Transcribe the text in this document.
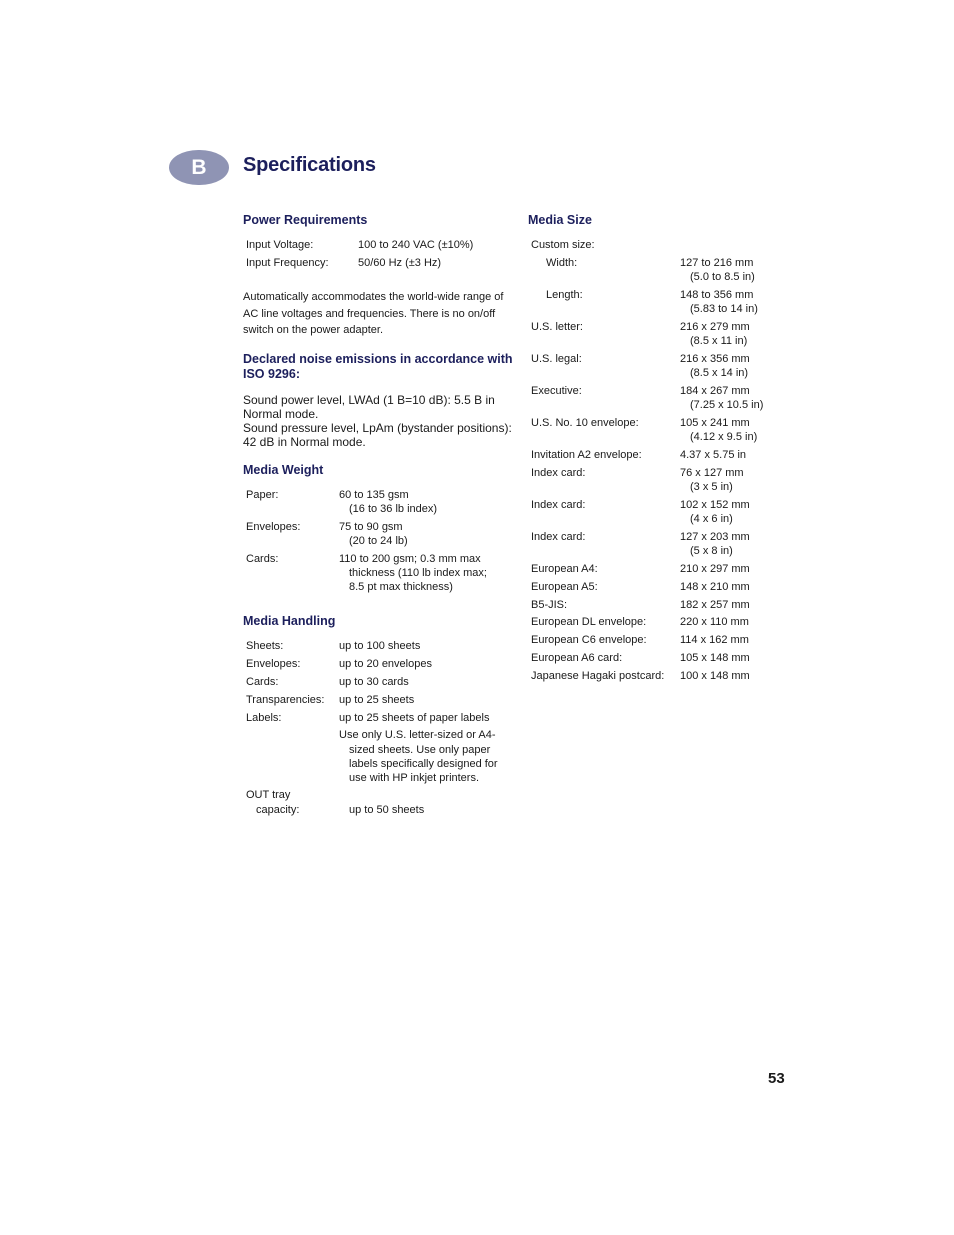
B	Specifications
Power Requirements
Input Voltage:	100 to 240 VAC (±10%)
Input Frequency:	50/60 Hz (±3 Hz)
Automatically accommodates the world-wide range of AC line voltages and frequencies. There is no on/off switch on the power adapter.
Declared noise emissions in accordance with ISO 9296:
Sound power level, LWAd (1 B=10 dB): 5.5 B in Normal mode.
Sound pressure level, LpAm (bystander positions): 42 dB in Normal mode.
Media Weight
Paper:	60 to 135 gsm
(16 to 36 lb index)
Envelopes:	75 to 90 gsm
(20 to 24 lb)
Cards:	110 to 200 gsm; 0.3 mm max
thickness (110 lb index max;
8.5 pt max thickness)
Media Handling
Sheets:	up to 100 sheets
Envelopes:	up to 20 envelopes
Cards:	up to 30 cards
Transparencies: up to 25 sheets
Labels:	up to 25 sheets of paper labels
Use only U.S. letter-sized or A4-
sized sheets. Use only paper
labels specifically designed for
use with HP inkjet printers.
OUT tray
capacity:	up to 50 sheets
Media Size
Custom size:
Width:	127 to 216 mm
(5.0 to 8.5 in)
Length:	148 to 356 mm
(5.83 to 14 in)
U.S. letter:	216 x 279 mm
(8.5 x 11 in)
U.S. legal:	216 x 356 mm
(8.5 x 14 in)
Executive:	184 x 267 mm
(7.25 x 10.5 in)
U.S. No. 10 envelope:	105 x 241 mm
(4.12 x 9.5 in)
Invitation A2 envelope:	4.37 x 5.75 in
Index card:	76 x 127 mm
(3 x 5 in)
Index card:	102 x 152 mm
(4 x 6 in)
Index card:	127 x 203 mm
(5 x 8 in)
European A4:	210 x 297 mm
European A5:	148 x 210 mm
B5-JIS:	182 x 257 mm
European DL envelope:	220 x 110 mm
European C6 envelope:	114 x 162 mm
European A6 card:	105 x 148 mm
Japanese Hagaki postcard: 100 x 148 mm
53
